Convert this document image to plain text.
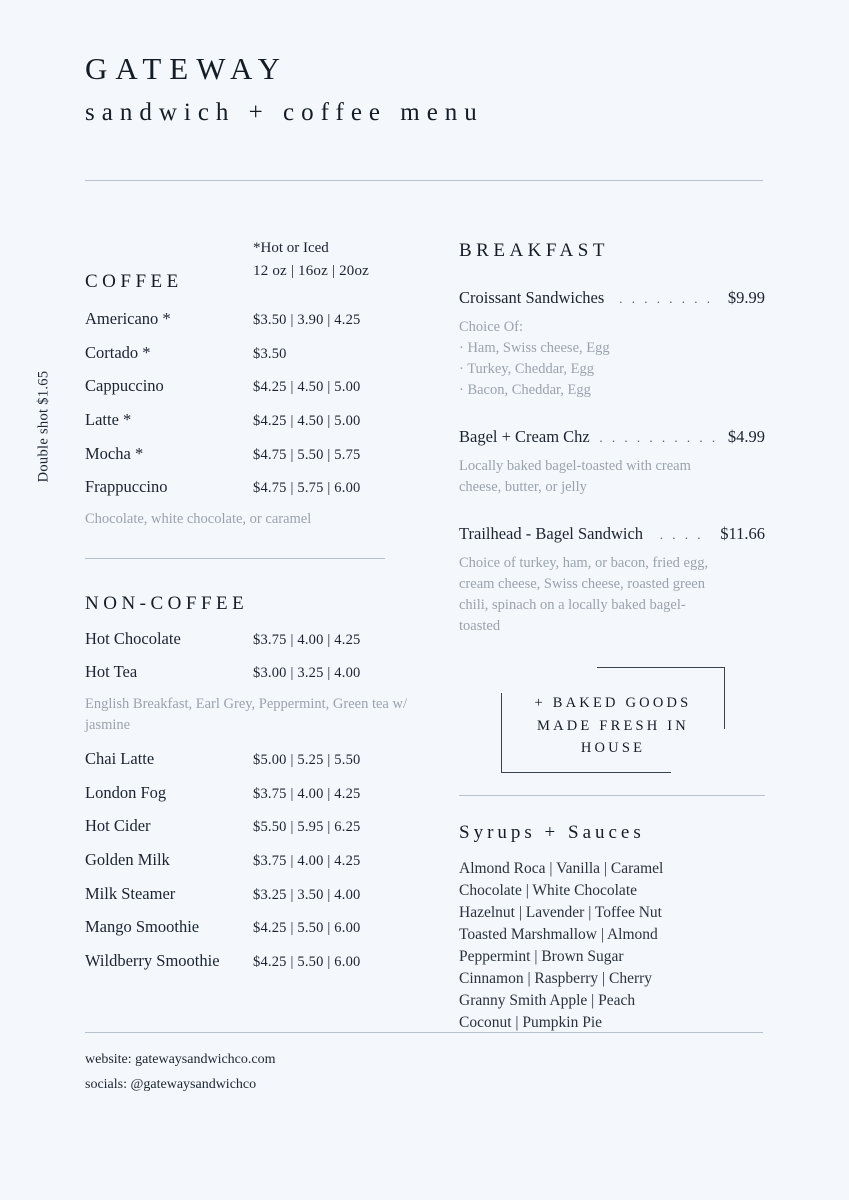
GATEWAY
sandwich + coffee menu
Double shot $1.65
*Hot or Iced
12 oz | 16oz | 20oz
COFFEE
Americano *	$3.50 | 3.90 | 4.25
Cortado *	$3.50
Cappuccino	$4.25 | 4.50 | 5.00
Latte *	$4.25 | 4.50 | 5.00
Mocha *	$4.75 | 5.50 | 5.75
Frappuccino	$4.75 | 5.75 | 6.00
Chocolate, white chocolate, or caramel
NON-COFFEE
Hot Chocolate	$3.75 | 4.00 | 4.25
Hot Tea	$3.00 | 3.25 | 4.00
English Breakfast, Earl Grey, Peppermint, Green tea w/ jasmine
Chai Latte	$5.00 | 5.25 | 5.50
London Fog	$3.75 | 4.00 | 4.25
Hot Cider	$5.50 | 5.95 | 6.25
Golden Milk	$3.75 | 4.00 | 4.25
Milk Steamer	$3.25 | 3.50 | 4.00
Mango Smoothie	$4.25 | 5.50 | 6.00
Wildberry Smoothie	$4.25 | 5.50 | 6.00
BREAKFAST
Croissant Sandwiches	. . . . . . . . $9.99
Choice Of:
· Ham, Swiss cheese, Egg
· Turkey, Cheddar, Egg
· Bacon, Cheddar, Egg
Bagel + Cream Chz . . . . . . . . . . $4.99
Locally baked bagel-toasted with cream
cheese, butter, or jelly
Trailhead - Bagel Sandwich	. . . .	$11.66
Choice of turkey, ham, or bacon, fried egg,
cream cheese, Swiss cheese, roasted green
chili, spinach on a locally baked bagel-
toasted
+ BAKED GOODS
MADE FRESH IN
HOUSE
Syrups + Sauces
Almond Roca | Vanilla | Caramel
Chocolate | White Chocolate
Hazelnut | Lavender | Toffee Nut
Toasted Marshmallow | Almond
Peppermint | Brown Sugar
Cinnamon | Raspberry | Cherry
Granny Smith Apple | Peach
Coconut | Pumpkin Pie
website: gatewaysandwichco.com
socials: @gatewaysandwichco
